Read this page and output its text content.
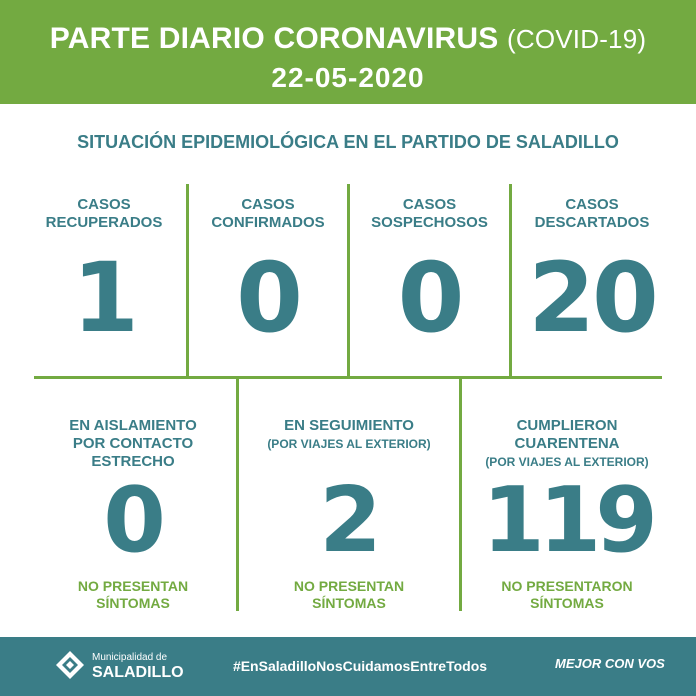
PARTE DIARIO CORONAVIRUS (COVID-19)
22-05-2020
SITUACIÓN EPIDEMIOLÓGICA EN EL PARTIDO DE SALADILLO
CASOS
RECUPERADOS
1
CASOS
CONFIRMADOS
0
CASOS
SOSPECHOSOS
0
CASOS
DESCARTADOS
20
EN AISLAMIENTO
POR CONTACTO
ESTRECHO
0
NO PRESENTAN
SÍNTOMAS
EN SEGUIMIENTO
(POR VIAJES AL EXTERIOR)
2
NO PRESENTAN
SÍNTOMAS
CUMPLIERON
CUARENTENA
(POR VIAJES AL EXTERIOR)
119
NO PRESENTARON
SÍNTOMAS
Municipalidad de
SALADILLO	#EnSaladilloNosCuidamosEntreTodos	MEJOR CON VOS
